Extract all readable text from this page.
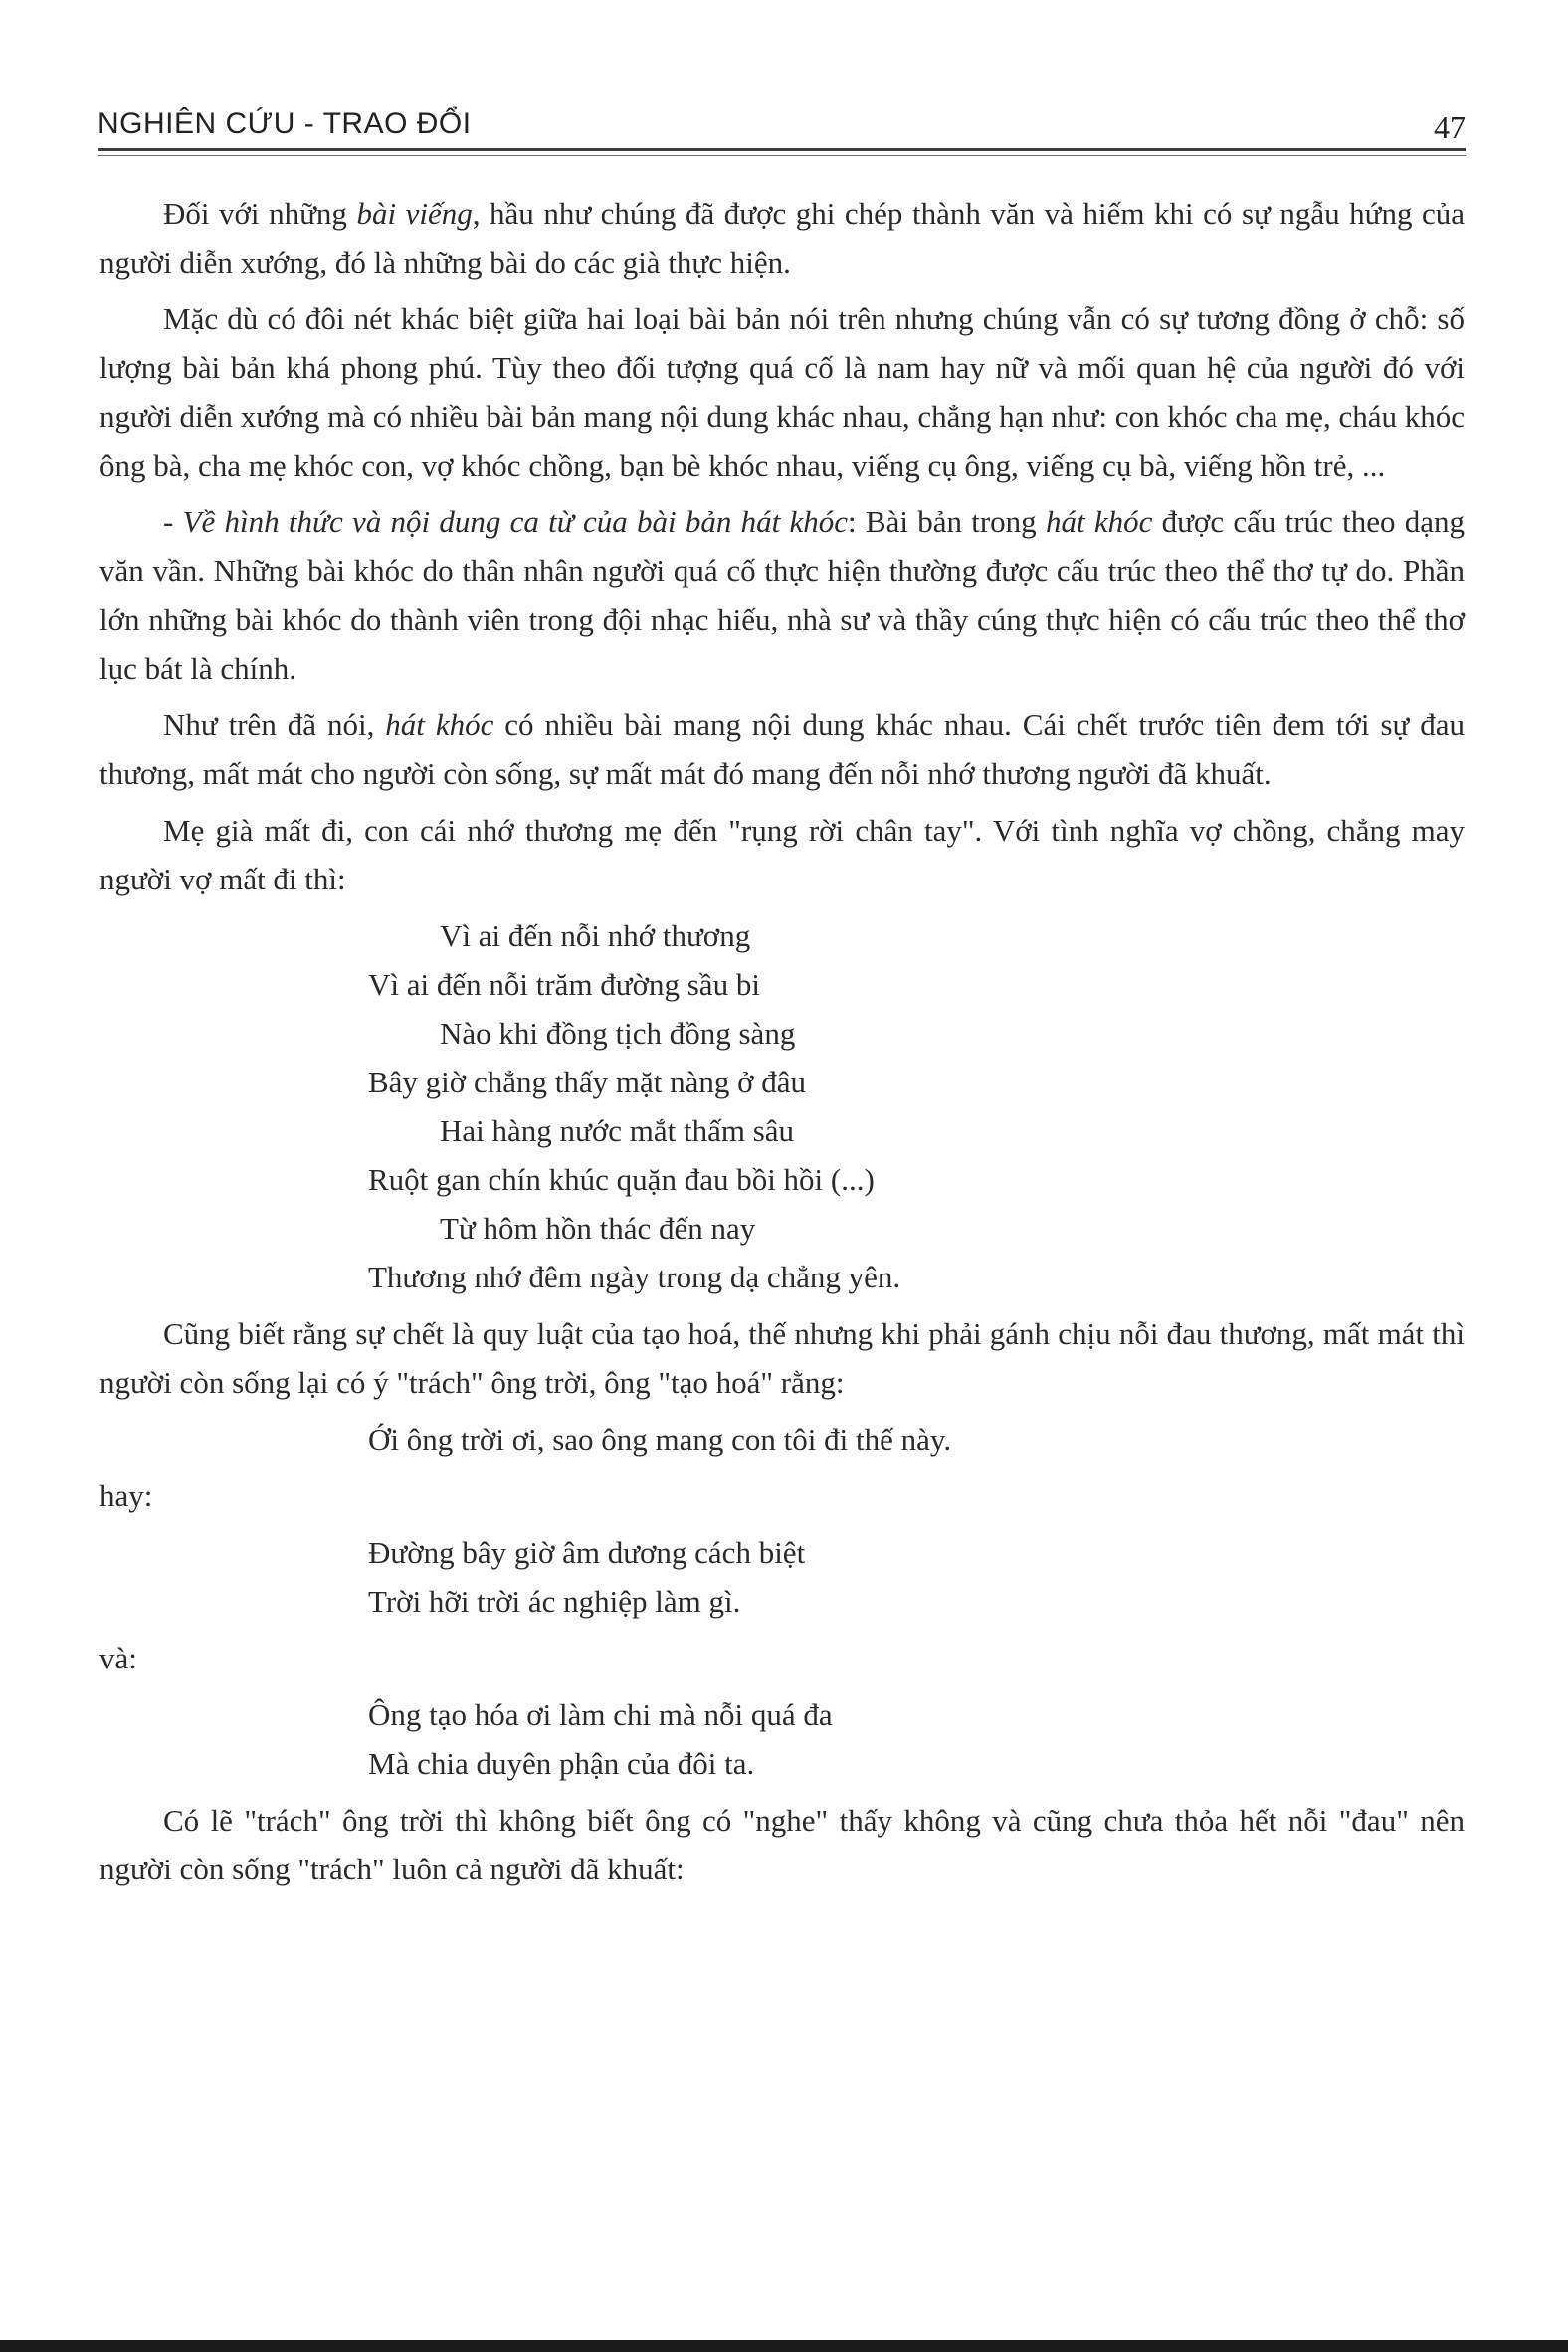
NGHIÊN CỨU - TRAO ĐỔI	47

Đối với những bài viếng, hầu như chúng đã được ghi chép thành văn và hiếm khi có sự ngẫu hứng của người diễn xướng, đó là những bài do các già thực hiện.

Mặc dù có đôi nét khác biệt giữa hai loại bài bản nói trên nhưng chúng vẫn có sự tương đồng ở chỗ: số lượng bài bản khá phong phú. Tùy theo đối tượng quá cố là nam hay nữ và mối quan hệ của người đó với người diễn xướng mà có nhiều bài bản mang nội dung khác nhau, chẳng hạn như: con khóc cha mẹ, cháu khóc ông bà, cha mẹ khóc con, vợ khóc chồng, bạn bè khóc nhau, viếng cụ ông, viếng cụ bà, viếng hồn trẻ, ...

- Về hình thức và nội dung ca từ của bài bản hát khóc: Bài bản trong hát khóc được cấu trúc theo dạng văn vần. Những bài khóc do thân nhân người quá cố thực hiện thường được cấu trúc theo thể thơ tự do. Phần lớn những bài khóc do thành viên trong đội nhạc hiếu, nhà sư và thầy cúng thực hiện có cấu trúc theo thể thơ lục bát là chính.

Như trên đã nói, hát khóc có nhiều bài mang nội dung khác nhau. Cái chết trước tiên đem tới sự đau thương, mất mát cho người còn sống, sự mất mát đó mang đến nỗi nhớ thương người đã khuất.

Mẹ già mất đi, con cái nhớ thương mẹ đến "rụng rời chân tay". Với tình nghĩa vợ chồng, chẳng may người vợ mất đi thì:

Vì ai đến nỗi nhớ thương
Vì ai đến nỗi trăm đường sầu bi
Nào khi đồng tịch đồng sàng
Bây giờ chẳng thấy mặt nàng ở đâu
Hai hàng nước mắt thấm sâu
Ruột gan chín khúc quặn đau bồi hồi (...)
Từ hôm hồn thác đến nay
Thương nhớ đêm ngày trong dạ chẳng yên.

Cũng biết rằng sự chết là quy luật của tạo hoá, thế nhưng khi phải gánh chịu nỗi đau thương, mất mát thì người còn sống lại có ý "trách" ông trời, ông "tạo hoá" rằng:

Ới ông trời ơi, sao ông mang con tôi đi thế này.

hay:

Đường bây giờ âm dương cách biệt
Trời hỡi trời ác nghiệp làm gì.

và:

Ông tạo hóa ơi làm chi mà nỗi quá đa
Mà chia duyên phận của đôi ta.

Có lẽ "trách" ông trời thì không biết ông có "nghe" thấy không và cũng chưa thỏa hết nỗi "đau" nên người còn sống "trách" luôn cả người đã khuất:
